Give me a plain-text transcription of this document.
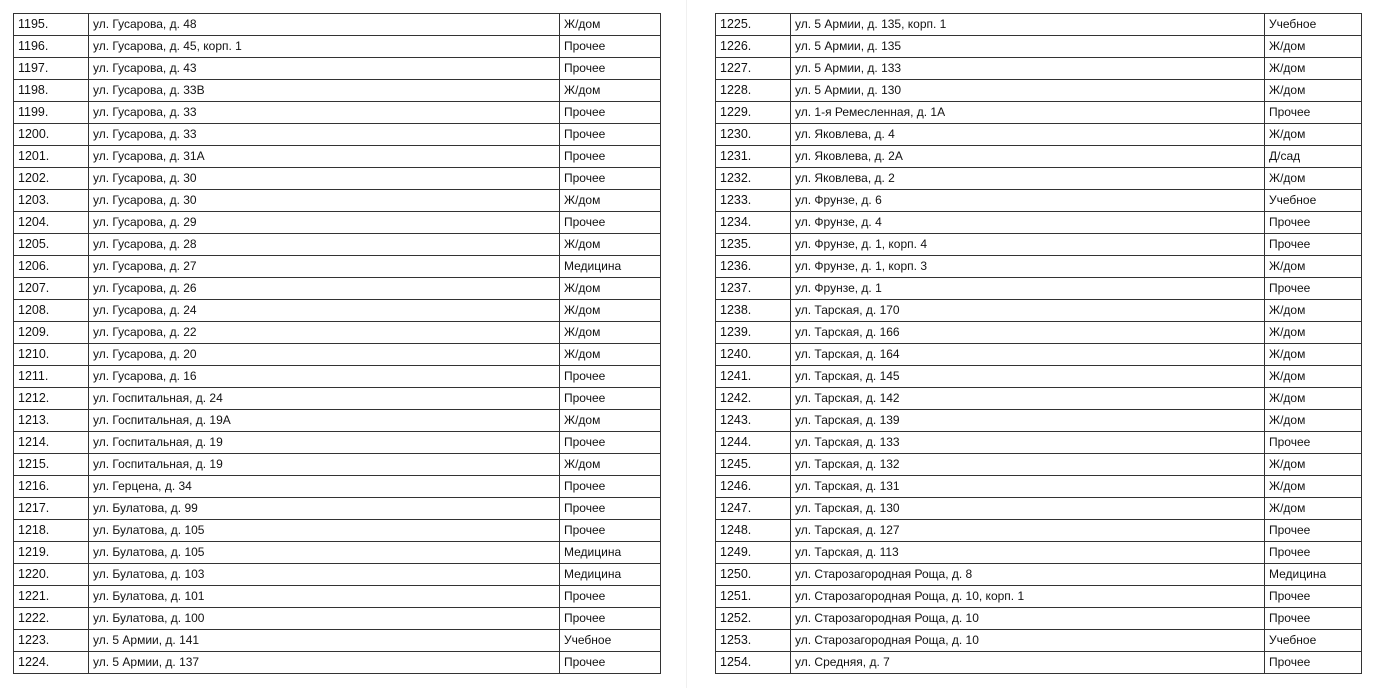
1195.	ул. Гусарова, д. 48	Ж/дом
1196.	ул. Гусарова, д. 45, корп. 1	Прочее
1197.	ул. Гусарова, д. 43	Прочее
1198.	ул. Гусарова, д. 33В	Ж/дом
1199.	ул. Гусарова, д. 33	Прочее
1200.	ул. Гусарова, д. 33	Прочее
1201.	ул. Гусарова, д. 31А	Прочее
1202.	ул. Гусарова, д. 30	Прочее
1203.	ул. Гусарова, д. 30	Ж/дом
1204.	ул. Гусарова, д. 29	Прочее
1205.	ул. Гусарова, д. 28	Ж/дом
1206.	ул. Гусарова, д. 27	Медицина
1207.	ул. Гусарова, д. 26	Ж/дом
1208.	ул. Гусарова, д. 24	Ж/дом
1209.	ул. Гусарова, д. 22	Ж/дом
1210.	ул. Гусарова, д. 20	Ж/дом
1211.	ул. Гусарова, д. 16	Прочее
1212.	ул. Госпитальная, д. 24	Прочее
1213.	ул. Госпитальная, д. 19А	Ж/дом
1214.	ул. Госпитальная, д. 19	Прочее
1215.	ул. Госпитальная, д. 19	Ж/дом
1216.	ул. Герцена, д. 34	Прочее
1217.	ул. Булатова, д. 99	Прочее
1218.	ул. Булатова, д. 105	Прочее
1219.	ул. Булатова, д. 105	Медицина
1220.	ул. Булатова, д. 103	Медицина
1221.	ул. Булатова, д. 101	Прочее
1222.	ул. Булатова, д. 100	Прочее
1223.	ул. 5 Армии, д. 141	Учебное
1224.	ул. 5 Армии, д. 137	Прочее
1225.	ул. 5 Армии, д. 135, корп. 1	Учебное
1226.	ул. 5 Армии, д. 135	Ж/дом
1227.	ул. 5 Армии, д. 133	Ж/дом
1228.	ул. 5 Армии, д. 130	Ж/дом
1229.	ул. 1-я Ремесленная, д. 1А	Прочее
1230.	ул. Яковлева, д. 4	Ж/дом
1231.	ул. Яковлева, д. 2А	Д/сад
1232.	ул. Яковлева, д. 2	Ж/дом
1233.	ул. Фрунзе, д. 6	Учебное
1234.	ул. Фрунзе, д. 4	Прочее
1235.	ул. Фрунзе, д. 1, корп. 4	Прочее
1236.	ул. Фрунзе, д. 1, корп. 3	Ж/дом
1237.	ул. Фрунзе, д. 1	Прочее
1238.	ул. Тарская, д. 170	Ж/дом
1239.	ул. Тарская, д. 166	Ж/дом
1240.	ул. Тарская, д. 164	Ж/дом
1241.	ул. Тарская, д. 145	Ж/дом
1242.	ул. Тарская, д. 142	Ж/дом
1243.	ул. Тарская, д. 139	Ж/дом
1244.	ул. Тарская, д. 133	Прочее
1245.	ул. Тарская, д. 132	Ж/дом
1246.	ул. Тарская, д. 131	Ж/дом
1247.	ул. Тарская, д. 130	Ж/дом
1248.	ул. Тарская, д. 127	Прочее
1249.	ул. Тарская, д. 113	Прочее
1250.	ул. Старозагородная Роща, д. 8	Медицина
1251.	ул. Старозагородная Роща, д. 10, корп. 1	Прочее
1252.	ул. Старозагородная Роща, д. 10	Прочее
1253.	ул. Старозагородная Роща, д. 10	Учебное
1254.	ул. Средняя, д. 7	Прочее
